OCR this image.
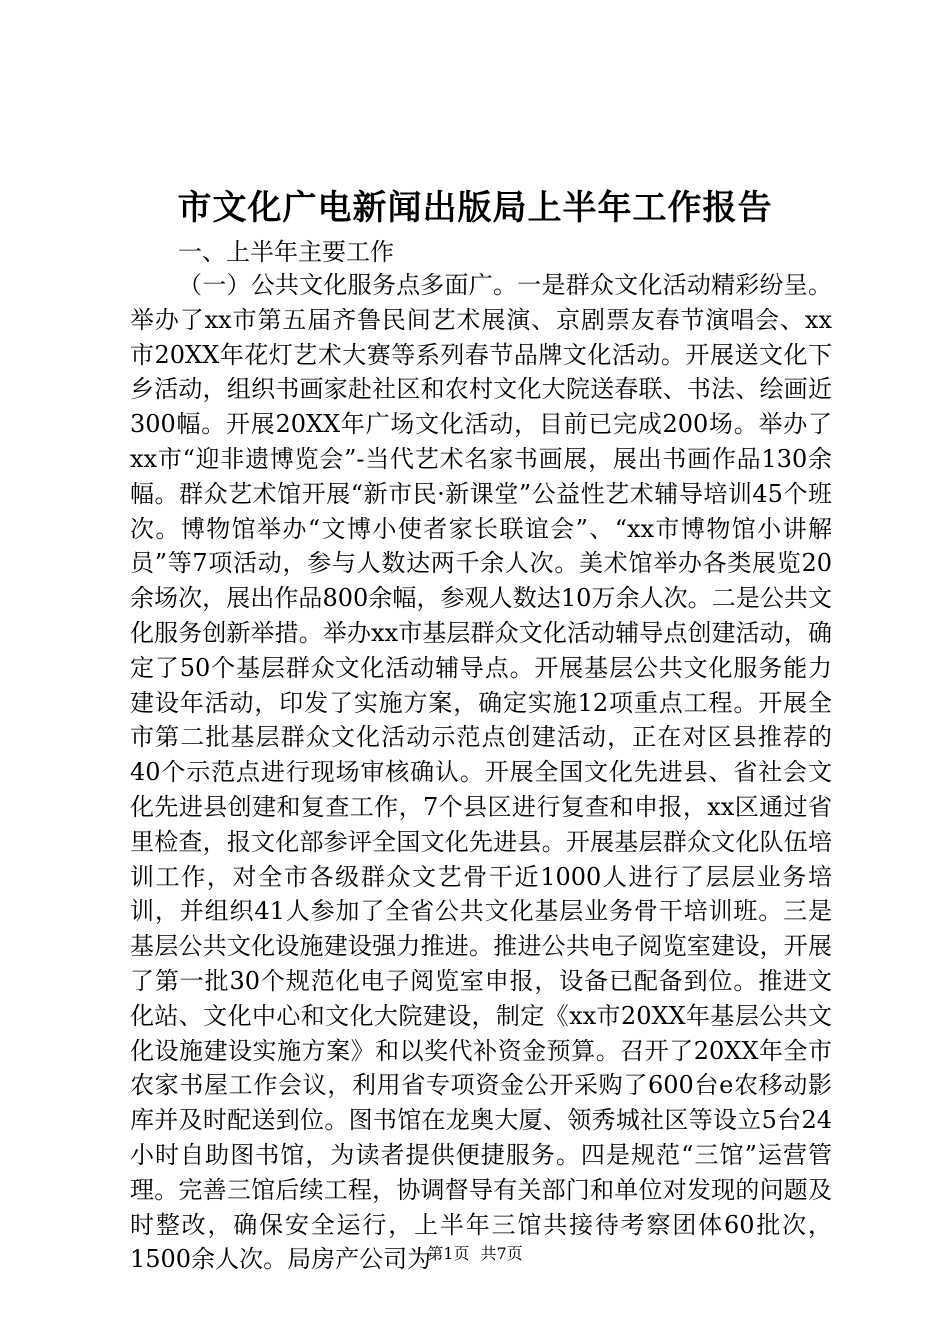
市文化广电新闻出版局上半年工作报告

一、上半年主要工作

（一）公共文化服务点多面广。一是群众文化活动精彩纷呈。举办了xx市第五届齐鲁民间艺术展演、京剧票友春节演唱会、xx市20XX年花灯艺术大赛等系列春节品牌文化活动。开展送文化下乡活动，组织书画家赴社区和农村文化大院送春联、书法、绘画近300幅。开展20XX年广场文化活动，目前已完成200场。举办了xx市“迎非遗博览会”-当代艺术名家书画展，展出书画作品130余幅。群众艺术馆开展“新市民·新课堂”公益性艺术辅导培训45个班次。博物馆举办“文博小使者家长联谊会”、“xx市博物馆小讲解员”等7项活动，参与人数达两千余人次。美术馆举办各类展览20余场次，展出作品800余幅，参观人数达10万余人次。二是公共文化服务创新举措。举办xx市基层群众文化活动辅导点创建活动，确定了50个基层群众文化活动辅导点。开展基层公共文化服务能力建设年活动，印发了实施方案，确定实施12项重点工程。开展全市第二批基层群众文化活动示范点创建活动，正在对区县推荐的40个示范点进行现场审核确认。开展全国文化先进县、省社会文化先进县创建和复查工作，7个县区进行复查和申报，xx区通过省里检查，报文化部参评全国文化先进县。开展基层群众文化队伍培训工作，对全市各级群众文艺骨干近1000人进行了层层业务培训，并组织41人参加了全省公共文化基层业务骨干培训班。三是基层公共文化设施建设强力推进。推进公共电子阅览室建设，开展了第一批30个规范化电子阅览室申报，设备已配备到位。推进文化站、文化中心和文化大院建设，制定《xx市20XX年基层公共文化设施建设实施方案》和以奖代补资金预算。召开了20XX年全市农家书屋工作会议，利用省专项资金公开采购了600台e农移动影库并及时配送到位。图书馆在龙奥大厦、领秀城社区等设立5台24小时自助图书馆，为读者提供便捷服务。四是规范“三馆”运营管理。完善三馆后续工程，协调督导有关部门和单位对发现的问题及时整改，确保安全运行，上半年三馆共接待考察团体60批次，1500余人次。局房产公司为

第1页 共7页
